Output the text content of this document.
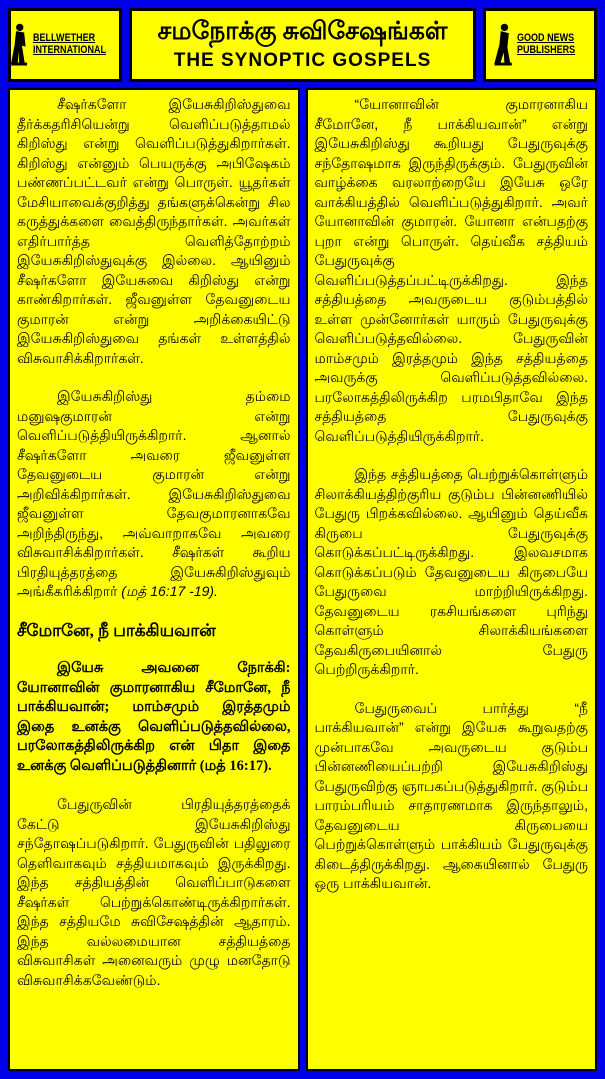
BELLWETHER
INTERNATIONAL
சமநோக்கு சுவிசேஷங்கள்
THE SYNOPTIC GOSPELS
GOOD NEWS
PUBLISHERS

சீஷர்களோ இயேசுகிறிஸ்துவை தீர்க்கதரிசியென்று வெளிப்படுத்தாமல் கிறிஸ்து என்று வெளிப்படுத்துகிறார்கள். கிறிஸ்து என்னும் பெயருக்கு அபிஷேகம் பண்ணப்பட்டவர் என்று பொருள். யூதர்கள் மேசியாவைக்குறித்து தங்களுக்கென்று சில கருத்துக்களை வைத்திருந்தார்கள். அவர்கள் எதிர்பார்த்த வெளித்தோற்றம் இயேசுகிறிஸ்துவுக்கு இல்லை. ஆயினும் சீஷர்களோ இயேசுவை கிறிஸ்து என்று காண்கிறார்கள். ஜீவனுள்ள தேவனுடைய குமாரன் என்று அறிக்கையிட்டு இயேசுகிறிஸ்துவை தங்கள் உள்ளத்தில் விசுவாசிக்கிறார்கள்.

இயேசுகிறிஸ்து தம்மை மனுஷகுமாரன் என்று வெளிப்படுத்தியிருக்கிறார். ஆனால் சீஷர்களோ அவரை ஜீவனுள்ள தேவனுடைய குமாரன் என்று அறிவிக்கிறார்கள். இயேசுகிறிஸ்துவை ஜீவனுள்ள தேவகுமாரனாகவே அறிந்திருந்து, அவ்வாறாகவே அவரை விசுவாசிக்கிறார்கள். சீஷர்கள் கூறிய பிரதியுத்தரத்தை இயேசுகிறிஸ்துவும் அங்கீகரிக்கிறார் (மத் 16:17 -19).

சீமோனே, நீ பாக்கியவான்

இயேசு அவனை நோக்கி: யோனாவின் குமாரனாகிய சீமோனே, நீ பாக்கியவான்; மாம்சமும் இரத்தமும் இதை உனக்கு வெளிப்படுத்தவில்லை, பரலோகத்திலிருக்கிற என் பிதா இதை உனக்கு வெளிப்படுத்தினார் (மத் 16:17).

பேதுருவின் பிரதியுத்தரத்தைக் கேட்டு இயேசுகிறிஸ்து சந்தோஷப்படுகிறார். பேதுருவின் பதிலுரை தெளிவாகவும் சத்தியமாகவும் இருக்கிறது. இந்த சத்தியத்தின் வெளிப்பாடுகளை சீஷர்கள் பெற்றுக்கொண்டிருக்கிறார்கள். இந்த சத்தியமே சுவிசேஷத்தின் ஆதாரம். இந்த வல்லமையான சத்தியத்தை விசுவாசிகள் அனைவரும் முழு மனதோடு விசுவாசிக்கவேண்டும்.

“யோனாவின் குமாரனாகிய சீமோனே, நீ பாக்கியவான்” என்று இயேசுகிறிஸ்து கூறியது பேதுருவுக்கு சந்தோஷமாக இருந்திருக்கும். பேதுருவின் வாழ்க்கை வரலாற்றையே இயேசு ஒரே வாக்கியத்தில் வெளிப்படுத்துகிறார். அவர் யோனாவின் குமாரன். யோனா என்பதற்கு புறா என்று பொருள். தெய்வீக சத்தியம் பேதுருவுக்கு வெளிப்படுத்தப்பட்டிருக்கிறது. இந்த சத்தியத்தை அவருடைய குடும்பத்தில் உள்ள முன்னோர்கள் யாரும் பேதுருவுக்கு வெளிப்படுத்தவில்லை. பேதுருவின் மாம்சமும் இரத்தமும் இந்த சத்தியத்தை அவருக்கு வெளிப்படுத்தவில்லை. பரலோகத்திலிருக்கிற பரமபிதாவே இந்த சத்தியத்தை பேதுருவுக்கு வெளிப்படுத்தியிருக்கிறார்.

இந்த சத்தியத்தை பெற்றுக்கொள்ளும் சிலாக்கியத்திற்குரிய குடும்ப பின்னணியில் பேதுரு பிறக்கவில்லை. ஆயினும் தெய்வீக கிருபை பேதுருவுக்கு கொடுக்கப்பட்டிருக்கிறது. இலவசமாக கொடுக்கப்படும் தேவனுடைய கிருபையே பேதுருவை மாற்றியிருக்கிறது. தேவனுடைய ரகசியங்களை புரிந்து கொள்ளும் சிலாக்கியங்களை தேவகிருபையினால் பேதுரு பெற்றிருக்கிறார்.

பேதுருவைப் பார்த்து “நீ பாக்கியவான்” என்று இயேசு கூறுவதற்கு முன்பாகவே அவருடைய குடும்ப பின்னணியைப்பற்றி இயேசுகிறிஸ்து பேதுருவிற்கு ஞாபகப்படுத்துகிறார். குடும்ப பாரம்பரியம் சாதாரணமாக இருந்தாலும், தேவனுடைய கிருபையை பெற்றுக்கொள்ளும் பாக்கியம் பேதுருவுக்கு கிடைத்திருக்கிறது. ஆகையினால் பேதுரு ஒரு பாக்கியவான்.
